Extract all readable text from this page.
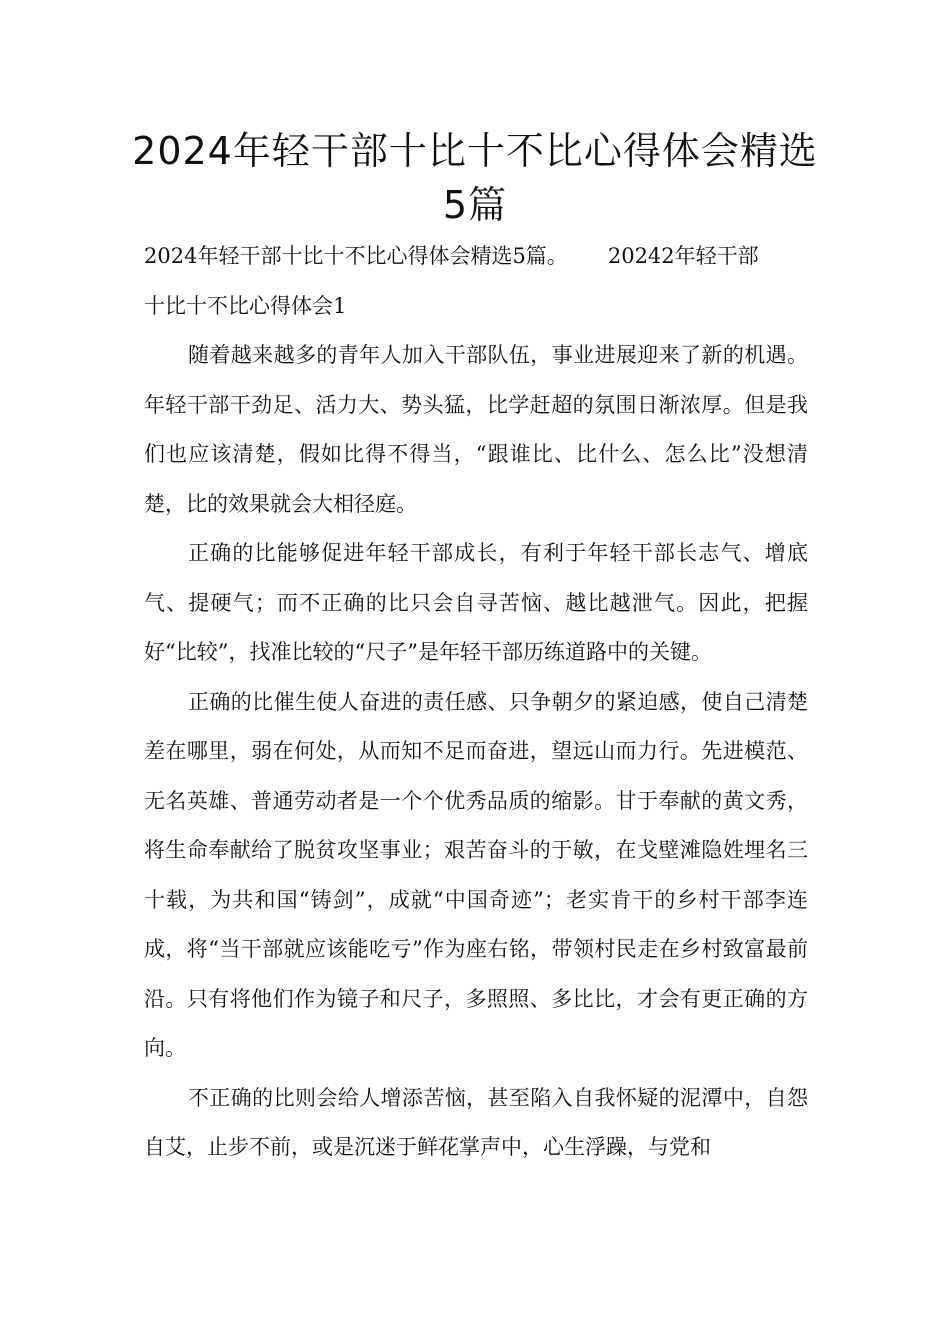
2024年轻干部十比十不比心得体会精选
5篇

2024年轻干部十比十不比心得体会精选5篇。      20242年轻干部

十比十不比心得体会1

随着越来越多的青年人加入干部队伍，事业进展迎来了新的机遇。年轻干部干劲足、活力大、势头猛，比学赶超的氛围日渐浓厚。但是我们也应该清楚，假如比得不得当，“跟谁比、比什么、怎么比”没想清楚，比的效果就会大相径庭。

正确的比能够促进年轻干部成长，有利于年轻干部长志气、增底气、提硬气；而不正确的比只会自寻苦恼、越比越泄气。因此，把握好“比较”，找准比较的“尺子”是年轻干部历练道路中的关键。

正确的比催生使人奋进的责任感、只争朝夕的紧迫感，使自己清楚差在哪里，弱在何处，从而知不足而奋进，望远山而力行。先进模范、无名英雄、普通劳动者是一个个优秀品质的缩影。甘于奉献的黄文秀，将生命奉献给了脱贫攻坚事业；艰苦奋斗的于敏，在戈壁滩隐姓埋名三十载，为共和国“铸剑”，成就“中国奇迹”；老实肯干的乡村干部李连成，将“当干部就应该能吃亏”作为座右铭，带领村民走在乡村致富最前沿。只有将他们作为镜子和尺子，多照照、多比比，才会有更正确的方向。

不正确的比则会给人增添苦恼，甚至陷入自我怀疑的泥潭中，自怨自艾，止步不前，或是沉迷于鲜花掌声中，心生浮躁，与党和
